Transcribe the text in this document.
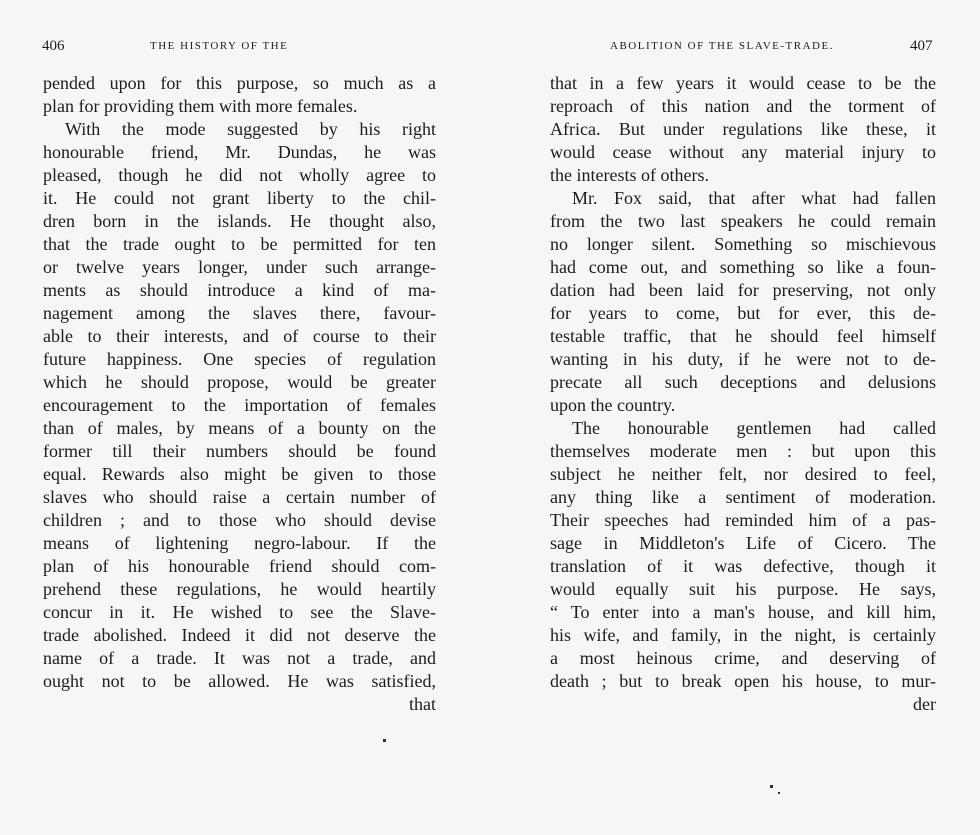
406	THE HISTORY OF THE
pended upon for this purpose, so much as a
plan for providing them with more females.
With the mode suggested by his right
honourable friend, Mr. Dundas, he was
pleased, though he did not wholly agree to
it. He could not grant liberty to the chil-
dren born in the islands. He thought also,
that the trade ought to be permitted for ten
or twelve years longer, under such arrange-
ments as should introduce a kind of ma-
nagement among the slaves there, favour-
able to their interests, and of course to their
future happiness. One species of regulation
which he should propose, would be greater
encouragement to the importation of females
than of males, by means of a bounty on the
former till their numbers should be found
equal. Rewards also might be given to those
slaves who should raise a certain number of
children ; and to those who should devise
means of lightening negro-labour. If the
plan of his honourable friend should com-
prehend these regulations, he would heartily
concur in it. He wished to see the Slave-
trade abolished. Indeed it did not deserve the
name of a trade. It was not a trade, and
ought not to be allowed. He was satisfied,
that
ABOLITION OF THE SLAVE-TRADE.	407
that in a few years it would cease to be the
reproach of this nation and the torment of
Africa. But under regulations like these, it
would cease without any material injury to
the interests of others.
Mr. Fox said, that after what had fallen
from the two last speakers he could remain
no longer silent. Something so mischievous
had come out, and something so like a foun-
dation had been laid for preserving, not only
for years to come, but for ever, this de-
testable traffic, that he should feel himself
wanting in his duty, if he were not to de-
precate all such deceptions and delusions
upon the country.
The honourable gentlemen had called
themselves moderate men : but upon this
subject he neither felt, nor desired to feel,
any thing like a sentiment of moderation.
Their speeches had reminded him of a pas-
sage in Middleton's Life of Cicero. The
translation of it was defective, though it
would equally suit his purpose. He says,
“ To enter into a man's house, and kill him,
his wife, and family, in the night, is certainly
a most heinous crime, and deserving of
death ; but to break open his house, to mur-
der
